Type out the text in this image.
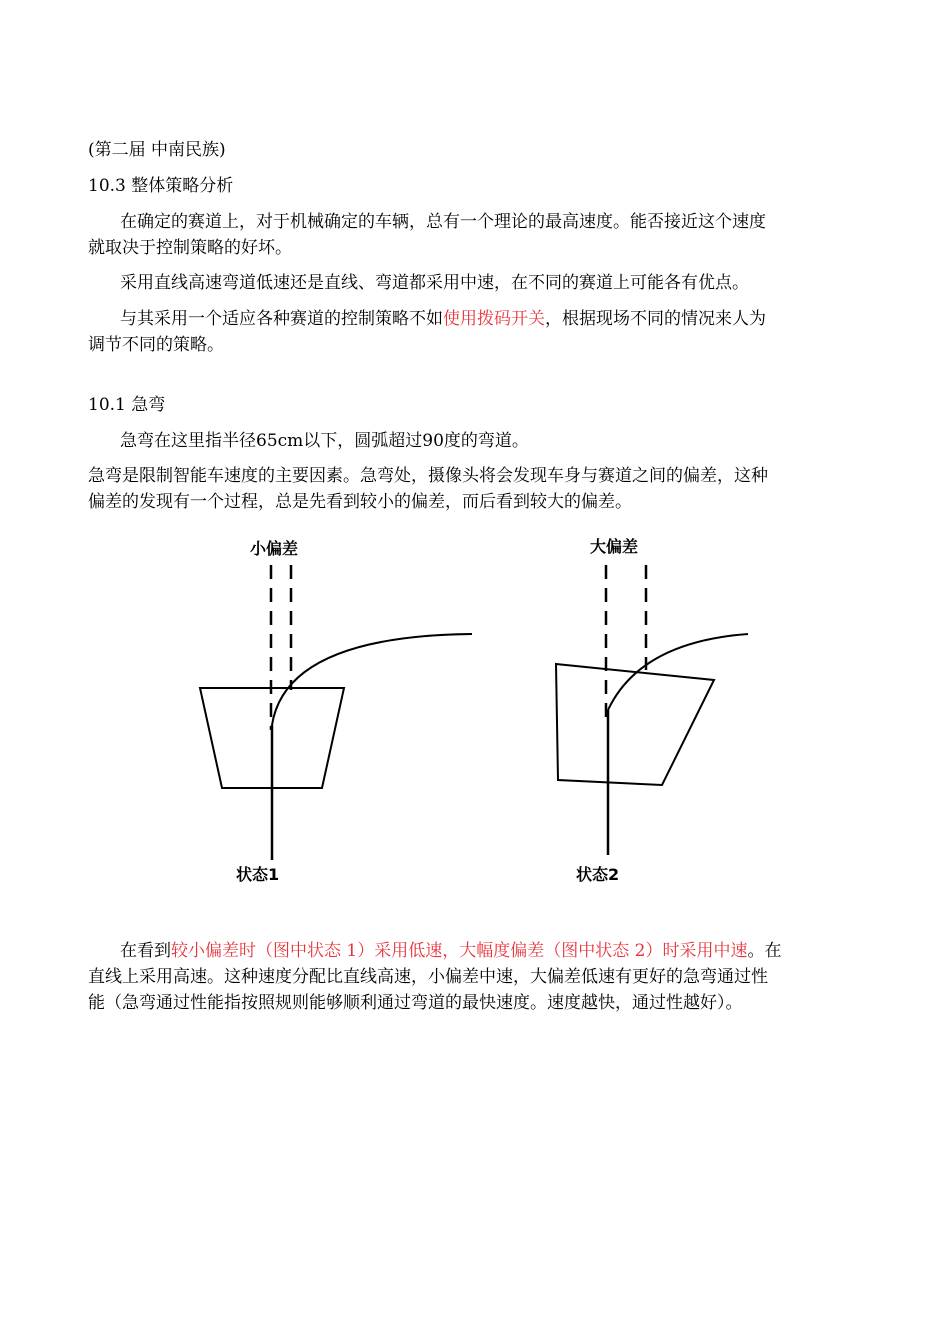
(第二届 中南民族)
10.3 整体策略分析
在确定的赛道上，对于机械确定的车辆，总有一个理论的最高速度。能否接近这个速度
就取决于控制策略的好坏。
采用直线高速弯道低速还是直线、弯道都采用中速，在不同的赛道上可能各有优点。
与其采用一个适应各种赛道的控制策略不如使用拨码开关，根据现场不同的情况来人为
调节不同的策略。
10.1 急弯
急弯在这里指半径65cm以下，圆弧超过90度的弯道。
急弯是限制智能车速度的主要因素。急弯处，摄像头将会发现车身与赛道之间的偏差，这种
偏差的发现有一个过程，总是先看到较小的偏差，而后看到较大的偏差。
小偏差
状态1
大偏差
状态2
在看到较小偏差时（图中状态 1）采用低速，大幅度偏差（图中状态 2）时采用中速。在
直线上采用高速。这种速度分配比直线高速，小偏差中速，大偏差低速有更好的急弯通过性
能（急弯通过性能指按照规则能够顺利通过弯道的最快速度。速度越快，通过性越好）。
